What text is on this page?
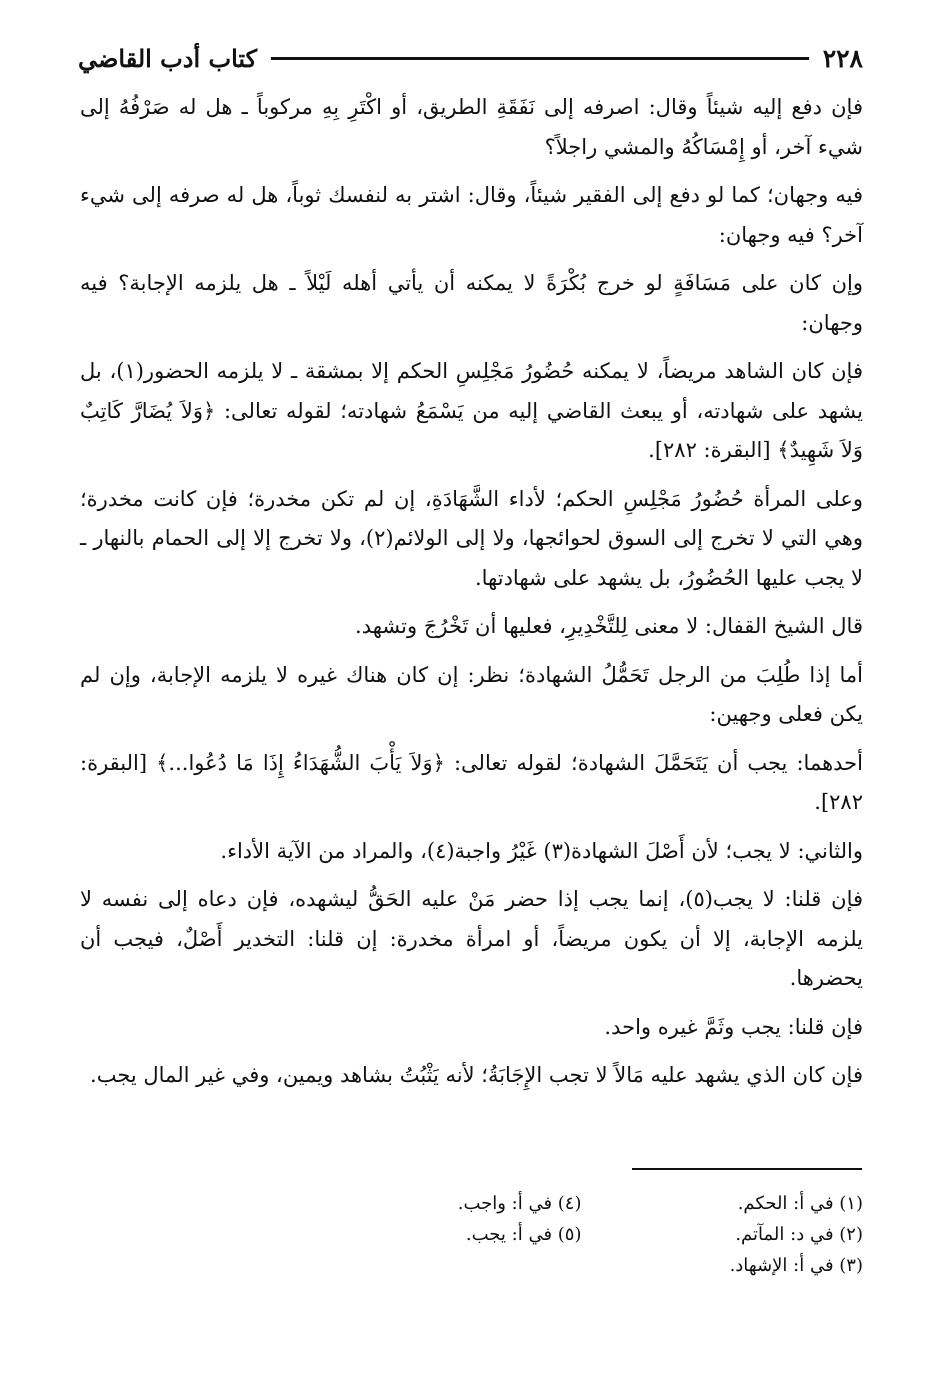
٢٢٨
كتاب أدب القاضي

فإن دفع إليه شيئاً وقال: اصرفه إلى نَفَقَةِ الطريق، أو اكْتَرِ بِهِ مركوباً ـ هل له صَرْفُهُ إلى شيء آخر، أو إِمْسَاكُهُ والمشي راجلاً؟

فيه وجهان؛ كما لو دفع إلى الفقير شيئاً، وقال: اشتر به لنفسك ثوباً، هل له صرفه إلى شيء آخر؟ فيه وجهان:

وإن كان على مَسَافَةٍ لو خرج بُكْرَةً لا يمكنه أن يأتي أهله لَيْلاً ـ هل يلزمه الإجابة؟ فيه وجهان:

فإن كان الشاهد مريضاً، لا يمكنه حُضُورُ مَجْلِسِ الحكم إلا بمشقة ـ لا يلزمه الحضور(١)، بل يشهد على شهادته، أو يبعث القاضي إليه من يَسْمَعُ شهادته؛ لقوله تعالى: ﴿وَلاَ يُضَارَّ كَاتِبٌ وَلاَ شَهِيدٌ﴾ [البقرة: ٢٨٢].

وعلى المرأة حُضُورُ مَجْلِسِ الحكم؛ لأداء الشَّهَادَةِ، إن لم تكن مخدرة؛ فإن كانت مخدرة؛ وهي التي لا تخرج إلى السوق لحوائجها، ولا إلى الولائم(٢)، ولا تخرج إلا إلى الحمام بالنهار ـ لا يجب عليها الحُضُورُ، بل يشهد على شهادتها.

قال الشيخ القفال: لا معنى لِلتَّخْدِيرِ، فعليها أن تَخْرُجَ وتشهد.

أما إذا طُلِبَ من الرجل تَحَمُّلُ الشهادة؛ نظر: إن كان هناك غيره لا يلزمه الإجابة، وإن لم يكن فعلى وجهين:

أحدهما: يجب أن يَتَحَمَّلَ الشهادة؛ لقوله تعالى: ﴿وَلاَ يَأْبَ الشُّهَدَاءُ إِذَا مَا دُعُوا...﴾ [البقرة: ٢٨٢].

والثاني: لا يجب؛ لأن أَصْلَ الشهادة(٣) غَيْرُ واجبة(٤)، والمراد من الآية الأداء.

فإن قلنا: لا يجب(٥)، إنما يجب إذا حضر مَنْ عليه الحَقُّ ليشهده، فإن دعاه إلى نفسه لا يلزمه الإجابة، إلا أن يكون مريضاً، أو امرأة مخدرة: إن قلنا: التخدير أَصْلٌ، فيجب أن يحضرها.

فإن قلنا: يجب وثَمَّ غيره واحد.

فإن كان الذي يشهد عليه مَالاً لا تجب الإِجَابَةُ؛ لأنه يَثْبُتُ بشاهد ويمين، وفي غير المال يجب.

(١) في أ: الحكم.
(٤) في أ: واجب.
(٢) في د: المآتم.
(٥) في أ: يجب.
(٣) في أ: الإشهاد.
